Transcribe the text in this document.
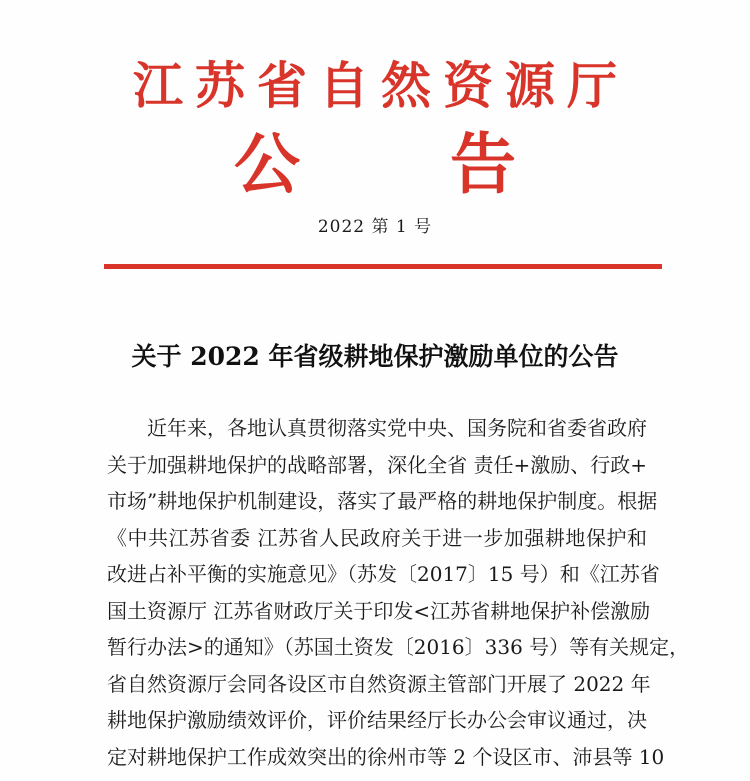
江苏省自然资源厅
公 告
2022 第 1 号
关于 2022 年省级耕地保护激励单位的公告
近年来，各地认真贯彻落实党中央、国务院和省委省政府
关于加强耕地保护的战略部署，深化全省 责任+激励、行政+
市场”耕地保护机制建设，落实了最严格的耕地保护制度。根据
《中共江苏省委 江苏省人民政府关于进一步加强耕地保护和
改进占补平衡的实施意见》（苏发〔2017〕15 号）和《江苏省
国土资源厅 江苏省财政厅关于印发<江苏省耕地保护补偿激励
暂行办法>的通知》（苏国土资发〔2016〕336 号）等有关规定，
省自然资源厅会同各设区市自然资源主管部门开展了 2022 年
耕地保护激励绩效评价，评价结果经厅长办公会审议通过，决
定对耕地保护工作成效突出的徐州市等 2 个设区市、沛县等 10
